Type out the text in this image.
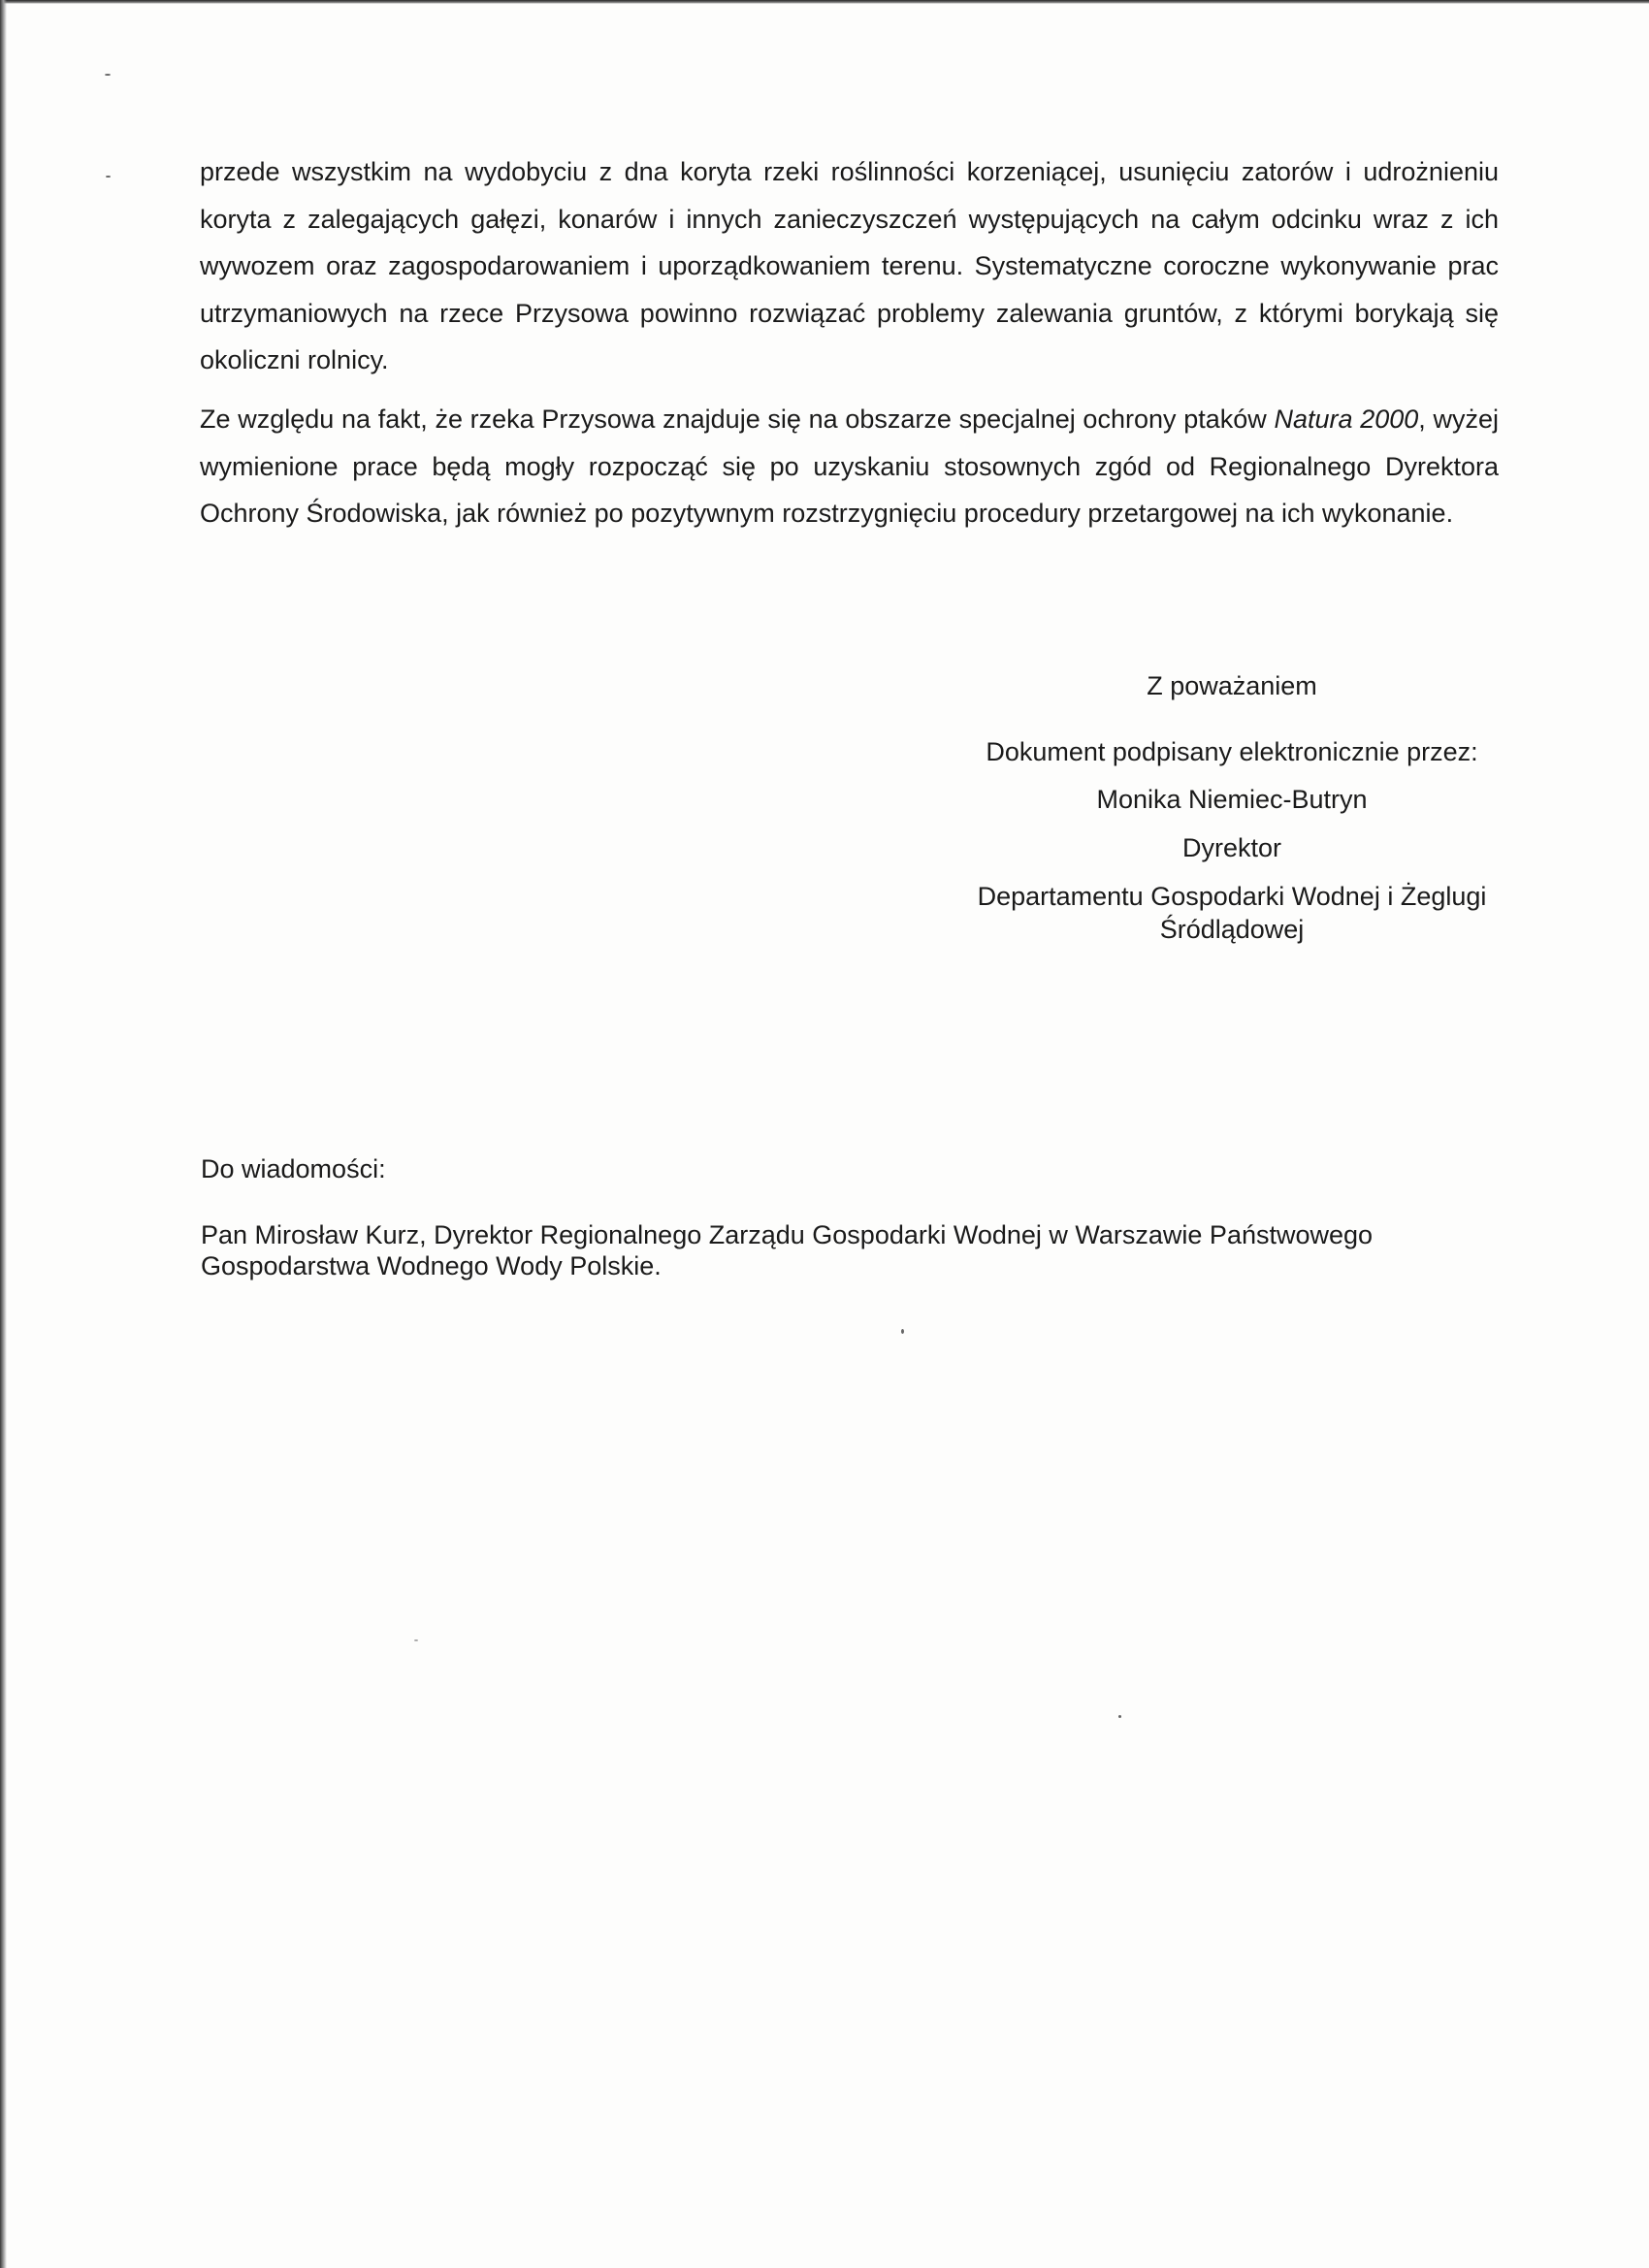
przede wszystkim na wydobyciu z dna koryta rzeki roślinności korzeniącej, usunięciu zatorów i udrożnieniu koryta z zalegających gałęzi, konarów i innych zanieczyszczeń występujących na całym odcinku wraz z ich wywozem oraz zagospodarowaniem i uporządkowaniem terenu. Systematyczne coroczne wykonywanie prac utrzymaniowych na rzece Przysowa powinno rozwiązać problemy zalewania gruntów, z którymi borykają się okoliczni rolnicy.

Ze względu na fakt, że rzeka Przysowa znajduje się na obszarze specjalnej ochrony ptaków Natura 2000, wyżej wymienione prace będą mogły rozpocząć się po uzyskaniu stosownych zgód od Regionalnego Dyrektora Ochrony Środowiska, jak również po pozytywnym rozstrzygnięciu procedury przetargowej na ich wykonanie.

Z poważaniem
Dokument podpisany elektronicznie przez:
Monika Niemiec-Butryn
Dyrektor
Departamentu Gospodarki Wodnej i Żeglugi
Śródlądowej
Do wiadomości:
Pan Mirosław Kurz, Dyrektor Regionalnego Zarządu Gospodarki Wodnej w Warszawie Państwowego Gospodarstwa Wodnego Wody Polskie.
